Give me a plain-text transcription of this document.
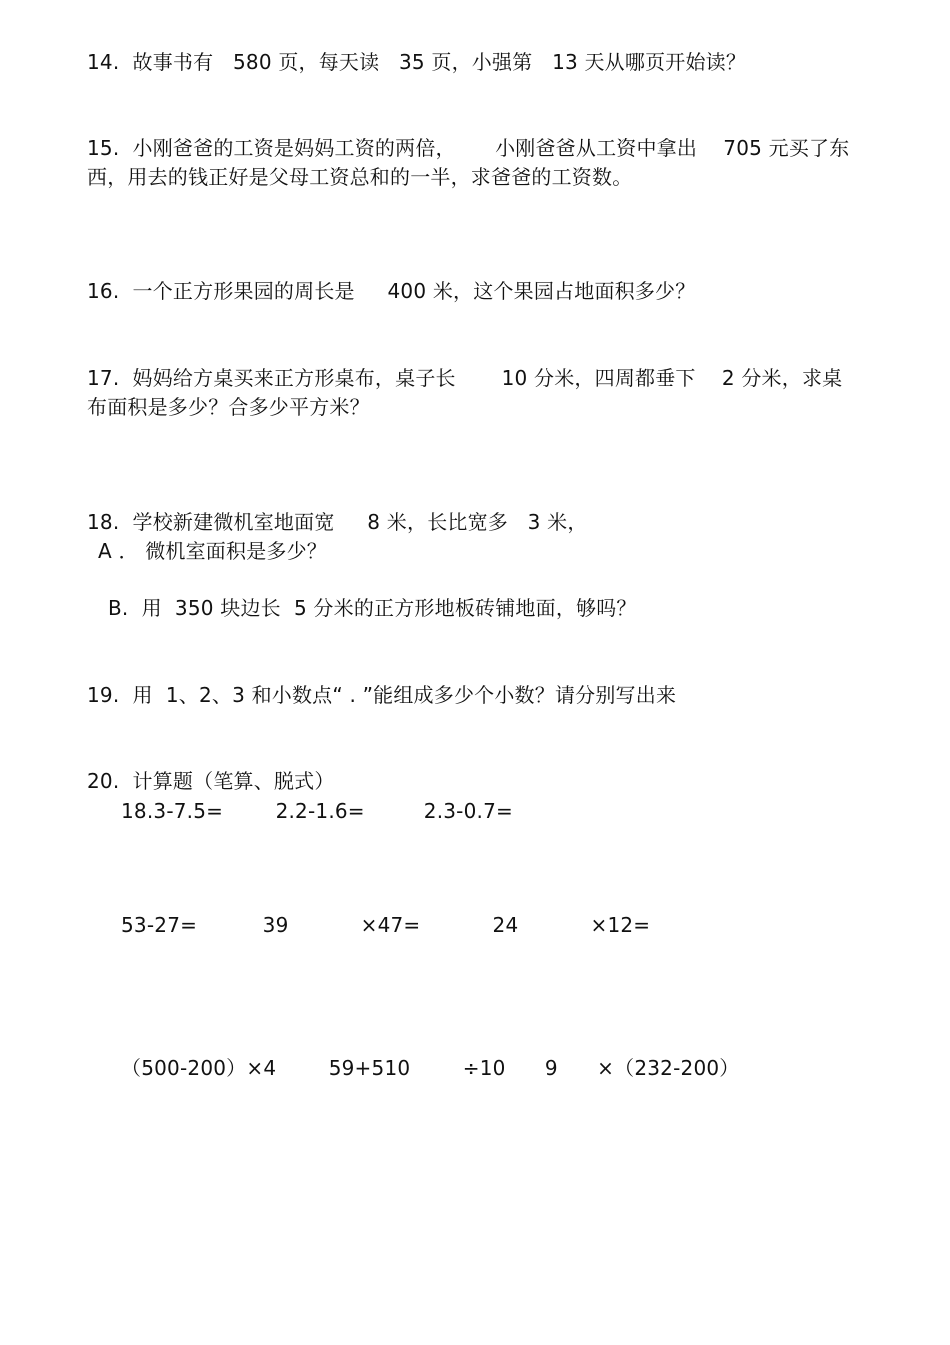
14.  故事书有   580 页，每天读   35 页，小强第   13 天从哪页开始读？
15.  小刚爸爸的工资是妈妈工资的两倍，      小刚爸爸从工资中拿出    705 元买了东
西，用去的钱正好是父母工资总和的一半，求爸爸的工资数。
16.  一个正方形果园的周长是     400 米，这个果园占地面积多少？
17.  妈妈给方桌买来正方形桌布，桌子长       10 分米，四周都垂下    2 分米，求桌
布面积是多少？合多少平方米？
18.  学校新建微机室地面宽     8 米，长比宽多   3 米，
A ． 微机室面积是多少？
B.  用  350 块边长  5 分米的正方形地板砖铺地面，够吗？
19.  用  1、2、3 和小数点“ . ”能组成多少个小数？请分别写出来
20.  计算题（笔算、脱式）
18.3-7.5=        2.2-1.6=         2.3-0.7=
53-27=          39           ×47=           24           ×12=
（500-200）×4        59+510        ÷10      9      ×（232-200）
